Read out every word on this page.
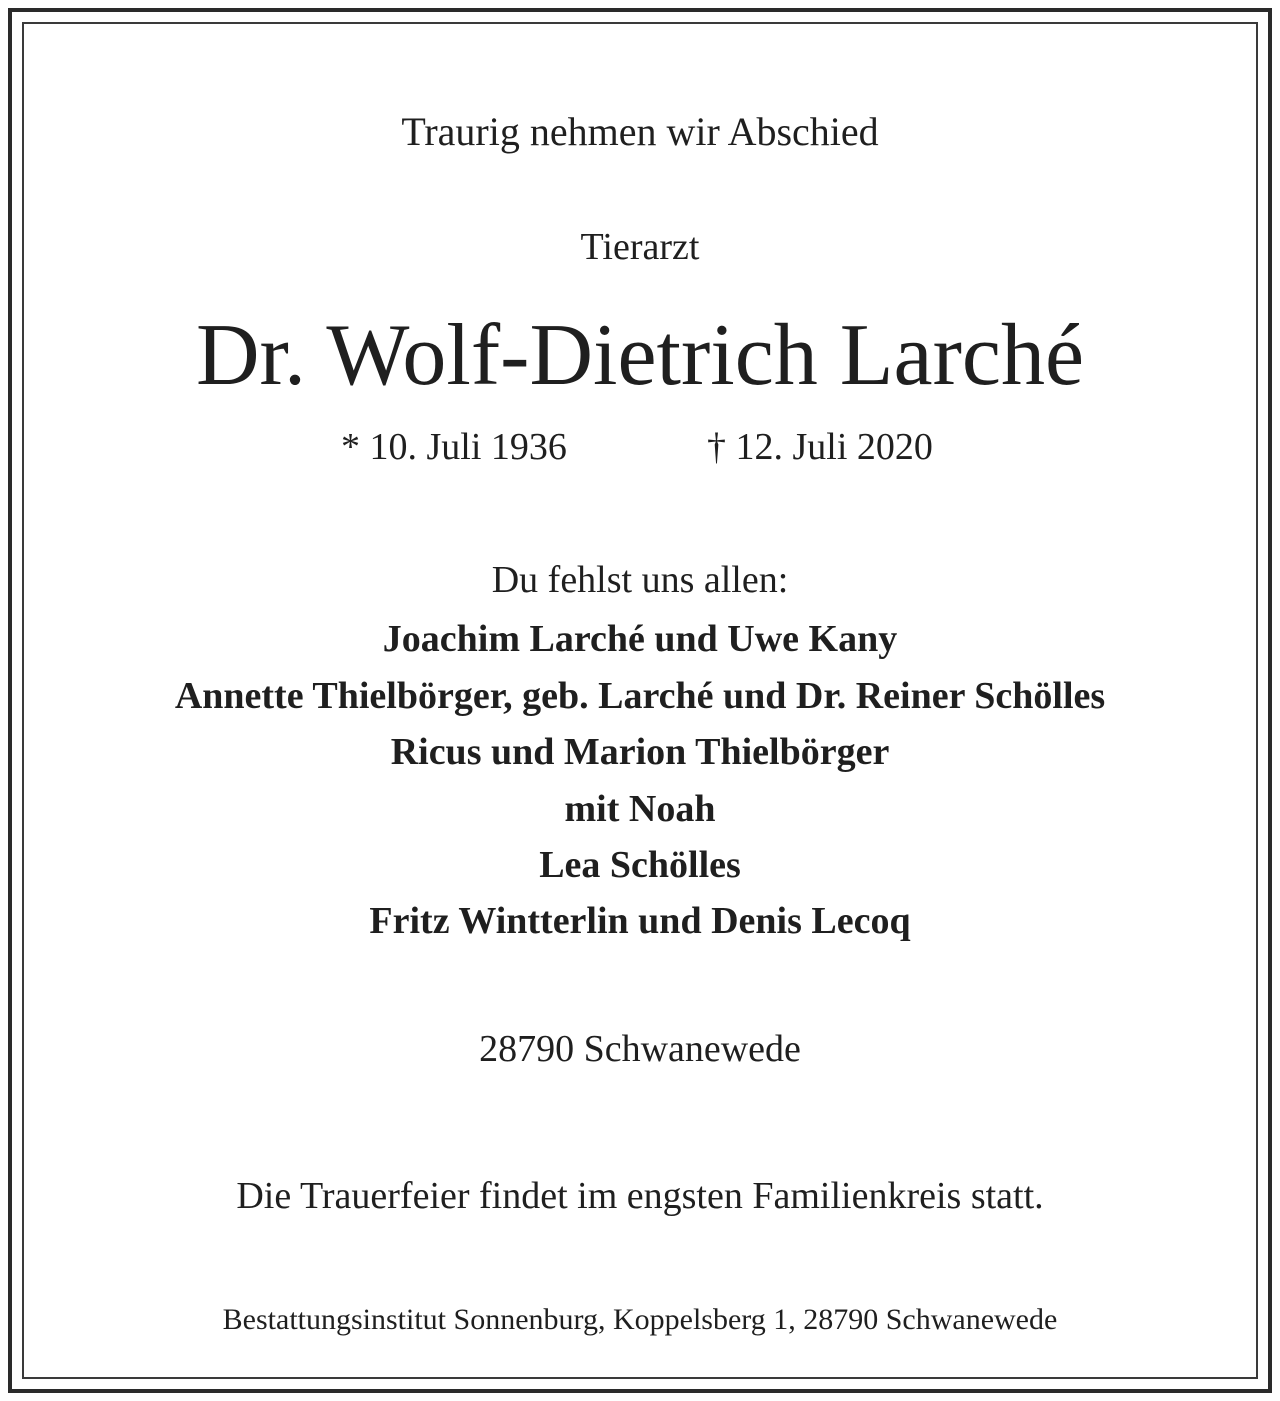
Traurig nehmen wir Abschied
Tierarzt
Dr. Wolf-Dietrich Larché
* 10. Juli 1936	† 12. Juli 2020
Du fehlst uns allen:
Joachim Larché und Uwe Kany
Annette Thielbörger, geb. Larché und Dr. Reiner Schölles
Ricus und Marion Thielbörger
mit Noah
Lea Schölles
Fritz Wintterlin und Denis Lecoq
28790 Schwanewede
Die Trauerfeier findet im engsten Familienkreis statt.
Bestattungsinstitut Sonnenburg, Koppelsberg 1, 28790 Schwanewede
